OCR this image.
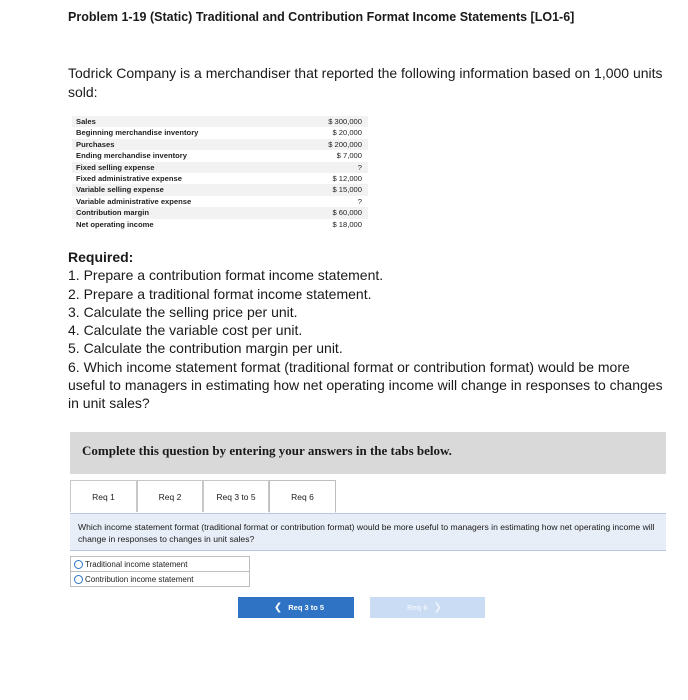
Problem 1-19 (Static) Traditional and Contribution Format Income Statements [LO1-6]
Todrick Company is a merchandiser that reported the following information based on 1,000 units sold:
Sales	$ 300,000
Beginning merchandise inventory	$ 20,000
Purchases	$ 200,000
Ending merchandise inventory	$ 7,000
Fixed selling expense	?
Fixed administrative expense	$ 12,000
Variable selling expense	$ 15,000
Variable administrative expense	?
Contribution margin	$ 60,000
Net operating income	$ 18,000
Required:
1. Prepare a contribution format income statement.
2. Prepare a traditional format income statement.
3. Calculate the selling price per unit.
4. Calculate the variable cost per unit.
5. Calculate the contribution margin per unit.
6. Which income statement format (traditional format or contribution format) would be more useful to managers in estimating how net operating income will change in responses to changes in unit sales?
Complete this question by entering your answers in the tabs below.
Req 1	Req 2	Req 3 to 5	Req 6
Which income statement format (traditional format or contribution format) would be more useful to managers in estimating how net operating income will change in responses to changes in unit sales?
Traditional income statement
Contribution income statement
❮ Req 3 to 5	Req 6 ❯
